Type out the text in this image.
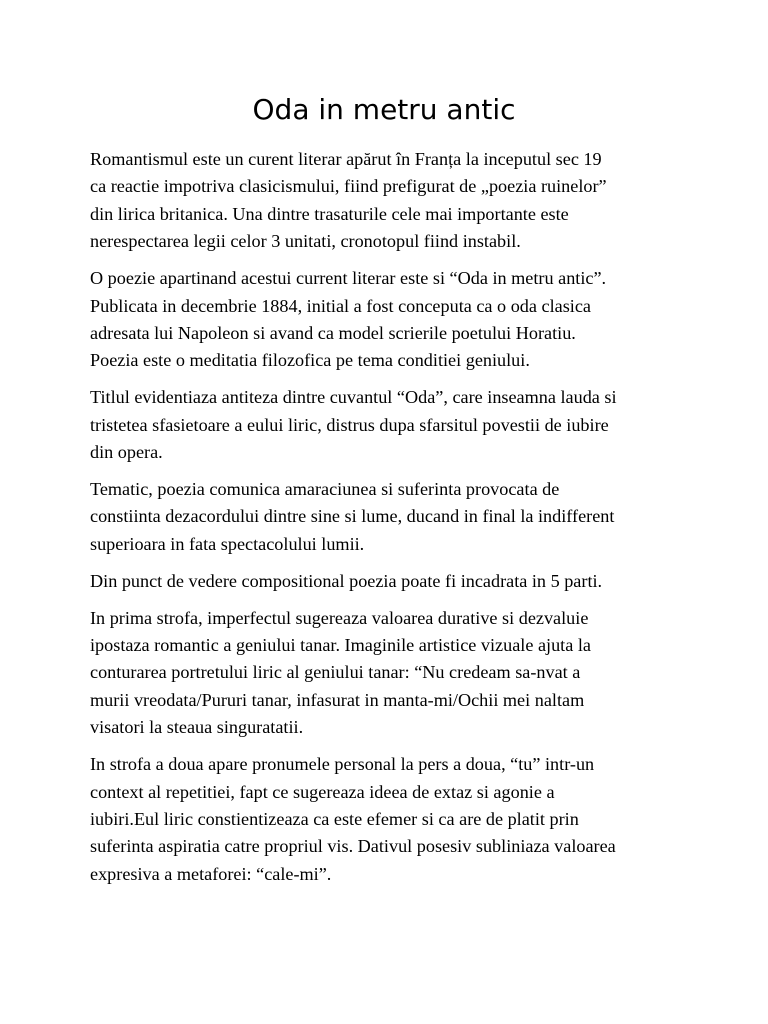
Oda in metru antic

Romantismul este un curent literar apărut în Franța la inceputul sec 19
ca reactie impotriva clasicismului, fiind prefigurat de „poezia ruinelor”
din lirica britanica. Una dintre trasaturile cele mai importante este
nerespectarea legii celor 3 unitati, cronotopul fiind instabil.

O poezie apartinand acestui current literar este si “Oda in metru antic”.
Publicata in decembrie 1884, initial a fost conceputa ca o oda clasica
adresata lui Napoleon si avand ca model scrierile poetului Horatiu.
Poezia este o meditatia filozofica pe tema conditiei geniului.

Titlul evidentiaza antiteza dintre cuvantul “Oda”, care inseamna lauda si
tristetea sfasietoare a eului liric, distrus dupa sfarsitul povestii de iubire
din opera.

Tematic, poezia comunica amaraciunea si suferinta provocata de
constiinta dezacordului dintre sine si lume, ducand in final la indifferent
superioara in fata spectacolului lumii.

Din punct de vedere compositional poezia poate fi incadrata in 5 parti.

In prima strofa, imperfectul sugereaza valoarea durative si dezvaluie
ipostaza romantic a geniului tanar. Imaginile artistice vizuale ajuta la
conturarea portretului liric al geniului tanar: “Nu credeam sa-nvat a
murii vreodata/Pururi tanar, infasurat in manta-mi/Ochii mei naltam
visatori la steaua singuratatii.

In strofa a doua apare pronumele personal la pers a doua, “tu” intr-un
context al repetitiei, fapt ce sugereaza ideea de extaz si agonie a
iubiri.Eul liric constientizeaza ca este efemer si ca are de platit prin
suferinta aspiratia catre propriul vis. Dativul posesiv subliniaza valoarea
expresiva a metaforei: “cale-mi”.
